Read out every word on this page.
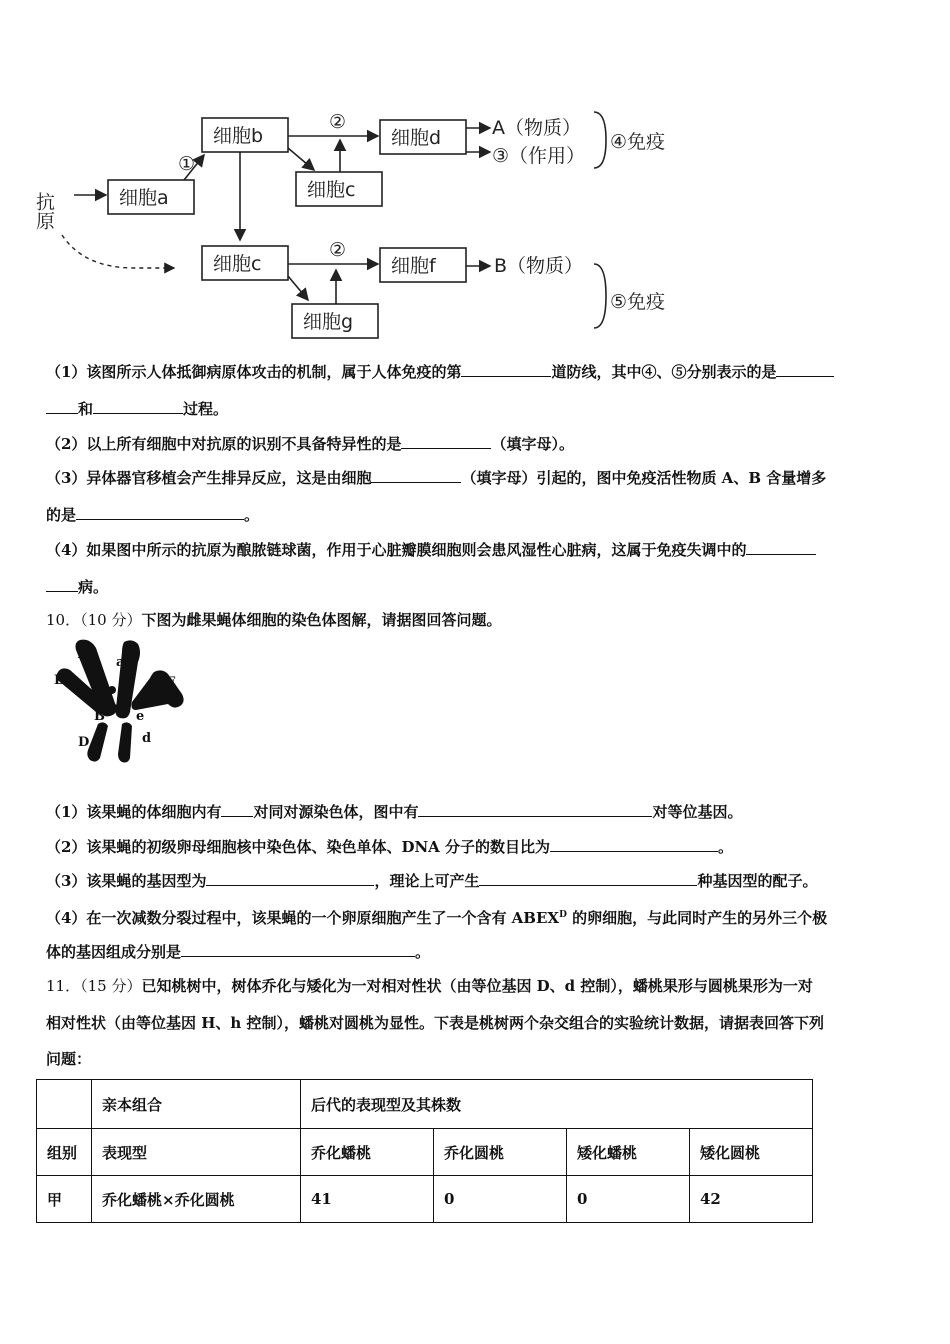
抗原	细胞a
①
细胞b
②
细胞c
细胞d	A（物质）
③（作用）
④免疫
细胞c
②
细胞g
细胞f	B（物质）
⑤免疫
（1）该图所示人体抵御病原体攻击的机制，属于人体免疫的第	道防线，其中④、⑤分别表示的是
和	过程。
（2）以上所有细胞中对抗原的识别不具备特异性的是	（填字母）。
（3）异体器官移植会产生排异反应，这是由细胞	（填字母）引起的，图中免疫活性物质 A、B 含量增多
的是	。
（4）如果图中所示的抗原为酿脓链球菌，作用于心脏瓣膜细胞则会患风湿性心脏病，这属于免疫失调中的
病。
10．（10 分）下图为雌果蝇体细胞的染色体图解，请据图回答问题。
A
a
B	E
B e
D	d
（1）该果蝇的体细胞内有 对同对源染色体，图中有	对等位基因。
（2）该果蝇的初级卵母细胞核中染色体、染色单体、DNA 分子的数目比为	。
（3）该果蝇的基因型为	，理论上可产生	种基因型的配子。
（4）在一次减数分裂过程中，该果蝇的一个卵原细胞产生了一个含有 $ABEX^D$ 的卵细胞，与此同时产生的另外三个极
体的基因组成分别是	。
11．（15 分）已知桃树中，树体乔化与矮化为一对相对性状（由等位基因 D、d 控制），蟠桃果形与圆桃果形为一对
相对性状（由等位基因 H、h 控制），蟠桃对圆桃为显性。下表是桃树两个杂交组合的实验统计数据，请据表回答下列
问题：
	亲本组合	后代的表现型及其株数			
组别	表现型	乔化蟠桃	乔化圆桃	矮化蟠桃	矮化圆桃
甲	乔化蟠桃×乔化圆桃	41	0	0	42
